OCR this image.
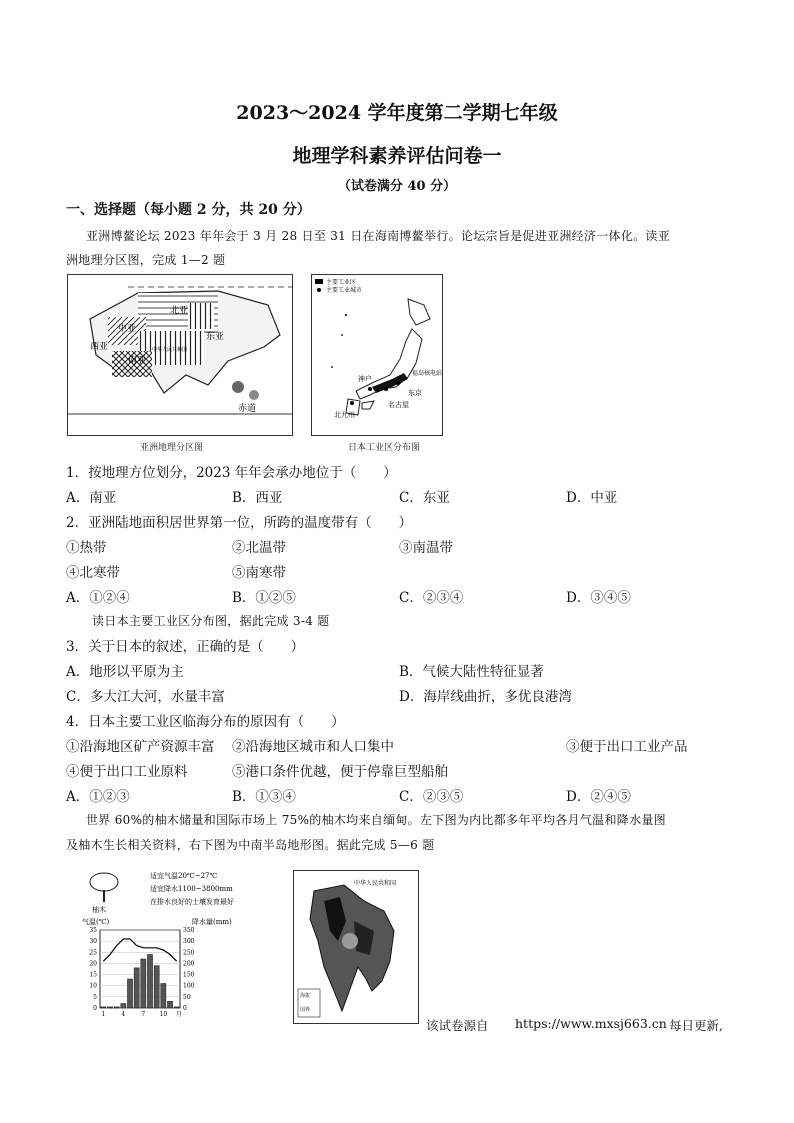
2023～2024 学年度第二学期七年级
地理学科素养评估问卷一
（试卷满分 40 分）
一、选择题（每小题 2 分，共 20 分）
亚洲博鳌论坛 2023 年年会于 3 月 28 日至 31 日在海南博鳌举行。论坛宗旨是促进亚洲经济一体化。读亚
洲地理分区图，完成 1—2 题
北亚
中亚
东亚
西亚
南亚
中华人民共和国
赤道
亚洲地理分区图
主要工业区
主要工业城市
神户
福岛核电站
东京
名古屋
北九州
日本工业区分布图
1．按地理方位划分，2023 年年会承办地位于（　　）
A．南亚	B．西亚	C．东亚	D．中亚
2．亚洲陆地面积居世界第一位，所跨的温度带有（　　）
①热带	②北温带	③南温带
④北寒带	⑤南寒带
A．①②④	B．①②⑤	C．②③④	D．③④⑤
读日本主要工业区分布图，据此完成 3-4 题
3．关于日本的叙述，正确的是（　　）
A．地形以平原为主	B．气候大陆性特征显著
C．多大江大河，水量丰富	D．海岸线曲折，多优良港湾
4．日本主要工业区临海分布的原因有（　　）
①沿海地区矿产资源丰富 ②沿海地区城市和人口集中	③便于出口工业产品
④便于出口工业原料	⑤港口条件优越，便于停靠巨型船舶
A．①②③	B．①③④	C．②③⑤	D．②④⑤
世界 60%的柚木储量和国际市场上 75%的柚木均来自缅甸。左下图为内比都多年平均各月气温和降水量图
及柚木生长相关资料，右下图为中南半岛地形图。据此完成 5—6 题
柚木
适宜气温20℃~27℃
适宜降水1100~3800mm
在排水良好的土壤发育最好
气温(℃)	降水量(mm)
35
30
25
20
15
10
5
0
350
300
250
200
150
100
50
0
1	4	7 10 月
中华人民共和国
海拔
国界
该试卷源自 https://www.mxsj663.cn 每日更新,
